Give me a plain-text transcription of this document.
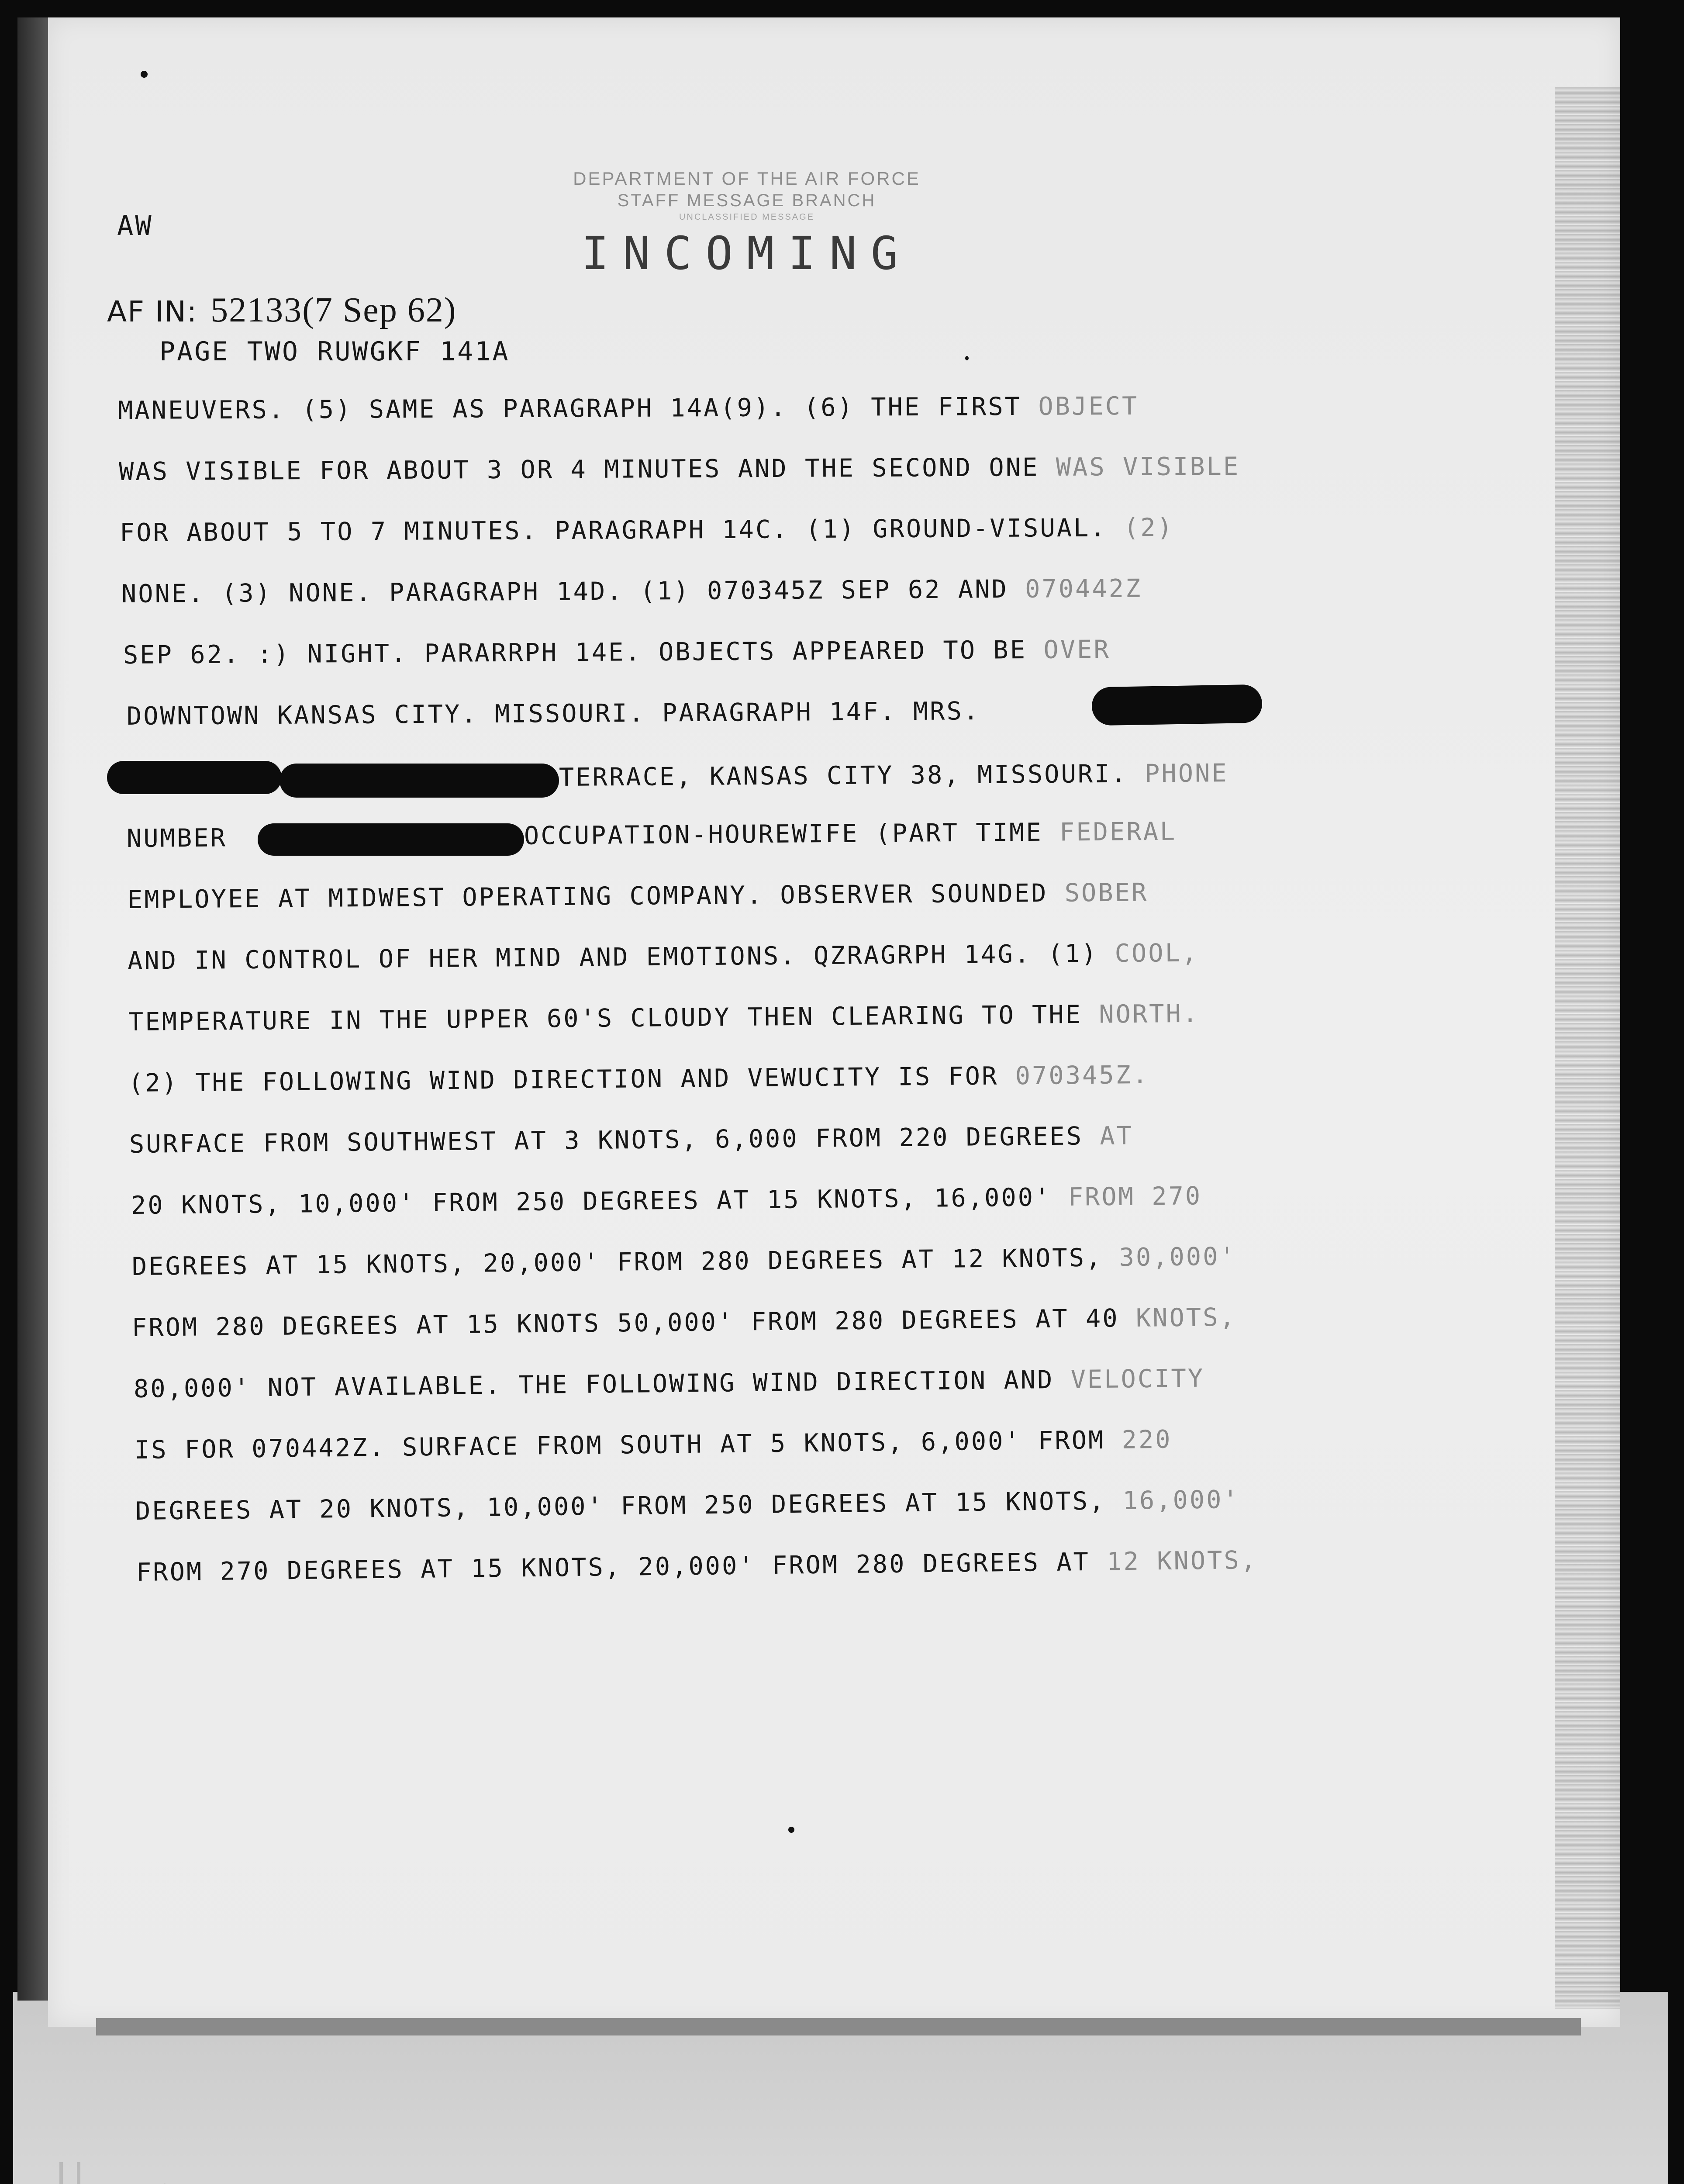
DEPARTMENT OF THE AIR FORCE
STAFF MESSAGE BRANCH
UNCLASSIFIED MESSAGE
INCOMING
AW
AF IN: 52133(7 Sep 62)
PAGE TWO RUWGKF 141A
MANEUVERS. (5) SAME AS PARAGRAPH 14A(9). (6) THE FIRST OBJECT
WAS VISIBLE FOR ABOUT 3 OR 4 MINUTES AND THE SECOND ONE WAS VISIBLE
FOR ABOUT 5 TO 7 MINUTES. PARAGRAPH 14C. (1) GROUND-VISUAL. (2)
NONE. (3) NONE. PARAGRAPH 14D. (1) 070345Z SEP 62 AND 070442Z
SEP 62. :) NIGHT. PARARRPH 14E. OBJECTS APPEARED TO BE OVER
DOWNTOWN KANSAS CITY. MISSOURI. PARAGRAPH 14F. MRS.
TERRACE, KANSAS CITY 38, MISSOURI. PHONE
NUMBER	OCCUPATION-HOUREWIFE (PART TIME FEDERAL
EMPLOYEE AT MIDWEST OPERATING COMPANY. OBSERVER SOUNDED SOBER
AND IN CONTROL OF HER MIND AND EMOTIONS. QZRAGRPH 14G. (1) COOL,
TEMPERATURE IN THE UPPER 60'S CLOUDY THEN CLEARING TO THE NORTH.
(2) THE FOLLOWING WIND DIRECTION AND VEWUCITY IS FOR 070345Z.
SURFACE FROM SOUTHWEST AT 3 KNOTS, 6,000 FROM 220 DEGREES AT
20 KNOTS, 10,000' FROM 250 DEGREES AT 15 KNOTS, 16,000' FROM 270
DEGREES AT 15 KNOTS, 20,000' FROM 280 DEGREES AT 12 KNOTS, 30,000'
FROM 280 DEGREES AT 15 KNOTS 50,000' FROM 280 DEGREES AT 40 KNOTS,
80,000' NOT AVAILABLE. THE FOLLOWING WIND DIRECTION AND VELOCITY
IS FOR 070442Z. SURFACE FROM SOUTH AT 5 KNOTS, 6,000' FROM 220
DEGREES AT 20 KNOTS, 10,000' FROM 250 DEGREES AT 15 KNOTS, 16,000'
FROM 270 DEGREES AT 15 KNOTS, 20,000' FROM 280 DEGREES AT 12 KNOTS,
